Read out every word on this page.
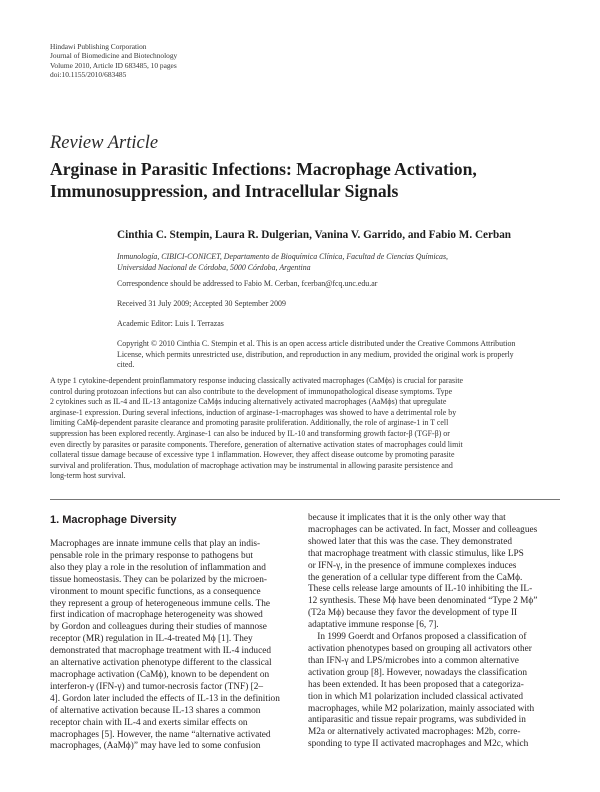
Hindawi Publishing Corporation
Journal of Biomedicine and Biotechnology
Volume 2010, Article ID 683485, 10 pages
doi:10.1155/2010/683485
Review Article
Arginase in Parasitic Infections: Macrophage Activation,
Immunosuppression, and Intracellular Signals
Cinthia C. Stempin, Laura R. Dulgerian, Vanina V. Garrido, and Fabio M. Cerban
Inmunología, CIBICI-CONICET, Departamento de Bioquímica Clínica, Facultad de Ciencias Químicas,
Universidad Nacional de Córdoba, 5000 Córdoba, Argentina
Correspondence should be addressed to Fabio M. Cerban, fcerban@fcq.unc.edu.ar
Received 31 July 2009; Accepted 30 September 2009
Academic Editor: Luis I. Terrazas
Copyright © 2010 Cinthia C. Stempin et al. This is an open access article distributed under the Creative Commons Attribution
License, which permits unrestricted use, distribution, and reproduction in any medium, provided the original work is properly
cited.
A type 1 cytokine-dependent proinflammatory response inducing classically activated macrophages (CaMϕs) is crucial for parasite
control during protozoan infections but can also contribute to the development of immunopathological disease symptoms. Type
2 cytokines such as IL-4 and IL-13 antagonize CaMϕs inducing alternatively activated macrophages (AaMϕs) that upregulate
arginase-1 expression. During several infections, induction of arginase-1-macrophages was showed to have a detrimental role by
limiting CaMϕ-dependent parasite clearance and promoting parasite proliferation. Additionally, the role of arginase-1 in T cell
suppression has been explored recently. Arginase-1 can also be induced by IL-10 and transforming growth factor-β (TGF-β) or
even directly by parasites or parasite components. Therefore, generation of alternative activation states of macrophages could limit
collateral tissue damage because of excessive type 1 inflammation. However, they affect disease outcome by promoting parasite
survival and proliferation. Thus, modulation of macrophage activation may be instrumental in allowing parasite persistence and
long-term host survival.
1. Macrophage Diversity
Macrophages are innate immune cells that play an indis-
pensable role in the primary response to pathogens but
also they play a role in the resolution of inflammation and
tissue homeostasis. They can be polarized by the microen-
vironment to mount specific functions, as a consequence
they represent a group of heterogeneous immune cells. The
first indication of macrophage heterogeneity was showed
by Gordon and colleagues during their studies of mannose
receptor (MR) regulation in IL-4-treated Mϕ [1]. They
demonstrated that macrophage treatment with IL-4 induced
an alternative activation phenotype different to the classical
macrophage activation (CaMϕ), known to be dependent on
interferon-γ (IFN-γ) and tumor-necrosis factor (TNF) [2–
4]. Gordon later included the effects of IL-13 in the definition
of alternative activation because IL-13 shares a common
receptor chain with IL-4 and exerts similar effects on
macrophages [5]. However, the name “alternative activated
macrophages, (AaMϕ)” may have led to some confusion
because it implicates that it is the only other way that
macrophages can be activated. In fact, Mosser and colleagues
showed later that this was the case. They demonstrated
that macrophage treatment with classic stimulus, like LPS
or IFN-γ, in the presence of immune complexes induces
the generation of a cellular type different from the CaMϕ.
These cells release large amounts of IL-10 inhibiting the IL-
12 synthesis. These Mϕ have been denominated “Type 2 Mϕ”
(T2a Mϕ) because they favor the development of type II
adaptative immune response [6, 7].
In 1999 Goerdt and Orfanos proposed a classification of
activation phenotypes based on grouping all activators other
than IFN-γ and LPS/microbes into a common alternative
activation group [8]. However, nowadays the classification
has been extended. It has been proposed that a categoriza-
tion in which M1 polarization included classical activated
macrophages, while M2 polarization, mainly associated with
antiparasitic and tissue repair programs, was subdivided in
M2a or alternatively activated macrophages: M2b, corre-
sponding to type II activated macrophages and M2c, which
